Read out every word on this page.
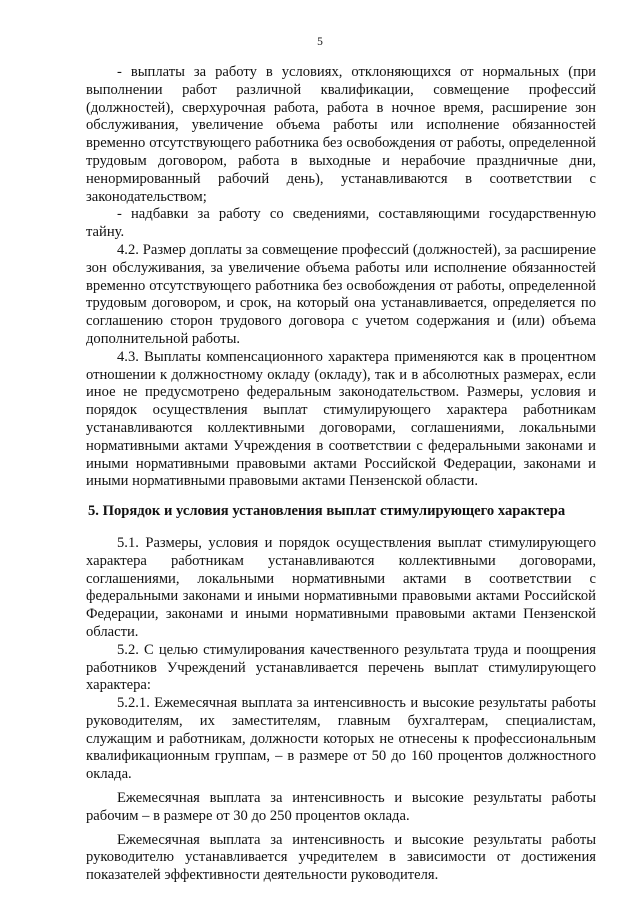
5

- выплаты за работу в условиях, отклоняющихся от нормальных (при выполнении работ различной квалификации, совмещение профессий (должностей), сверхурочная работа, работа в ночное время, расширение зон обслуживания, увеличение объема работы или исполнение обязанностей временно отсутствующего работника без освобождения от работы, определенной трудовым договором, работа в выходные и нерабочие праздничные дни, ненормированный рабочий день), устанавливаются в соответствии с законодательством;

- надбавки за работу со сведениями, составляющими государственную тайну.

4.2. Размер доплаты за совмещение профессий (должностей), за расширение зон обслуживания, за увеличение объема работы или исполнение обязанностей временно отсутствующего работника без освобождения от работы, определенной трудовым договором, и срок, на который она устанавливается, определяется по соглашению сторон трудового договора с учетом содержания и (или) объема дополнительной работы.

4.3. Выплаты компенсационного характера применяются как в процентном отношении к должностному окладу (окладу), так и в абсолютных размерах, если иное не предусмотрено федеральным законодательством. Размеры, условия и порядок осуществления выплат стимулирующего характера работникам устанавливаются коллективными договорами, соглашениями, локальными нормативными актами Учреждения в соответствии с федеральными законами и иными нормативными правовыми актами Российской Федерации, законами и иными нормативными правовыми актами Пензенской области.

5. Порядок и условия установления выплат стимулирующего характера

5.1. Размеры, условия и порядок осуществления выплат стимулирующего характера работникам устанавливаются коллективными договорами, соглашениями, локальными нормативными актами в соответствии с федеральными законами и иными нормативными правовыми актами Российской Федерации, законами и иными нормативными правовыми актами Пензенской области.

5.2. С целью стимулирования качественного результата труда и поощрения работников Учреждений устанавливается перечень выплат стимулирующего характера:

5.2.1. Ежемесячная выплата за интенсивность и высокие результаты работы руководителям, их заместителям, главным бухгалтерам, специалистам, служащим и работникам, должности которых не отнесены к профессиональным квалификационным группам, – в размере от 50 до 160 процентов должностного оклада.

Ежемесячная выплата за интенсивность и высокие результаты работы рабочим – в размере от 30 до 250 процентов оклада.

Ежемесячная выплата за интенсивность и высокие результаты работы руководителю устанавливается учредителем в зависимости от достижения показателей эффективности деятельности руководителя.
